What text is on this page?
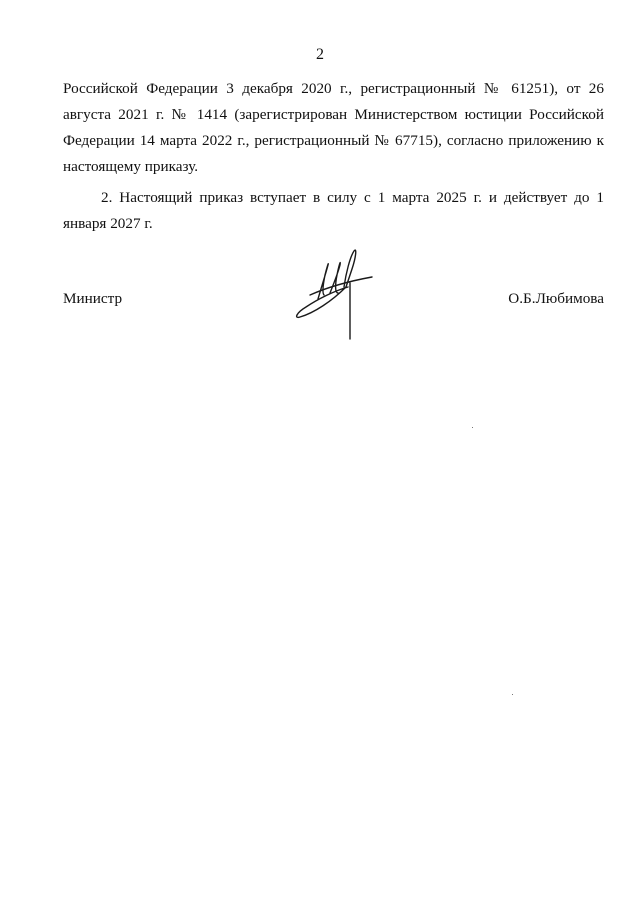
2

Российской Федерации 3 декабря 2020 г., регистрационный № 61251), от 26 августа 2021 г. № 1414 (зарегистрирован Министерством юстиции Российской Федерации 14 марта 2022 г., регистрационный № 67715), согласно приложению к настоящему приказу.

2. Настоящий приказ вступает в силу с 1 марта 2025 г. и действует до 1 января 2027 г.

Министр	О.Б.Любимова
